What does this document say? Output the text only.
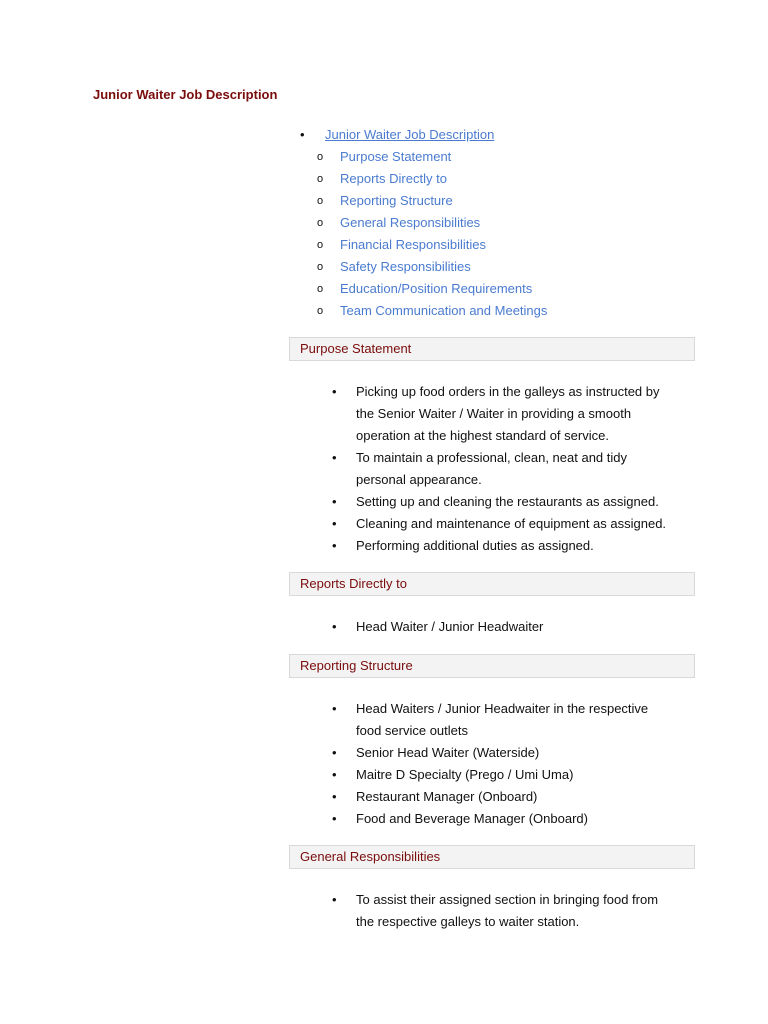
Junior Waiter Job Description
• Junior Waiter Job Description
o Purpose Statement
o Reports Directly to
o Reporting Structure
o General Responsibilities
o Financial Responsibilities
o Safety Responsibilities
o Education/Position Requirements
o Team Communication and Meetings
Purpose Statement
• Picking up food orders in the galleys as instructed by the Senior Waiter / Waiter in providing a smooth operation at the highest standard of service.
• To maintain a professional, clean, neat and tidy personal appearance.
• Setting up and cleaning the restaurants as assigned.
• Cleaning and maintenance of equipment as assigned.
• Performing additional duties as assigned.
Reports Directly to
• Head Waiter / Junior Headwaiter
Reporting Structure
• Head Waiters / Junior Headwaiter in the respective food service outlets
• Senior Head Waiter (Waterside)
• Maitre D Specialty (Prego / Umi Uma)
• Restaurant Manager (Onboard)
• Food and Beverage Manager (Onboard)
General Responsibilities
• To assist their assigned section in bringing food from the respective galleys to waiter station.
